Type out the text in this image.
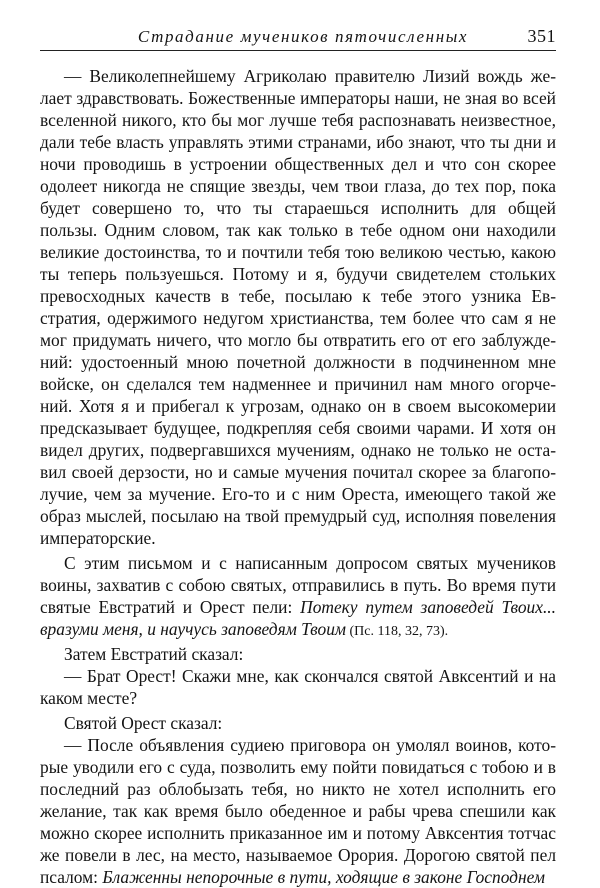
Страдание мучеников пяточисленных	351

— Великолепнейшему Агриколаю правителю Лизий вождь желает здравствовать. Божественные императоры наши, не зная во всей вселенной никого, кто бы мог лучше тебя распознавать неизвестное, дали тебе власть управлять этими странами, ибо знают, что ты дни и ночи проводишь в устроении общественных дел и что сон скорее одолеет никогда не спящие звезды, чем твои глаза, до тех пор, пока будет совершено то, что ты стараешься исполнить для общей пользы. Одним словом, так как только в тебе одном они находили великие достоинства, то и почтили тебя тою великою честью, какою ты теперь пользуешься. Потому и я, будучи свидетелем стольких превосходных качеств в тебе, посылаю к тебе этого узника Евстратия, одержимого недугом христианства, тем более что сам я не мог придумать ничего, что могло бы отвратить его от его заблуждений: удостоенный мною почетной должности в подчиненном мне войске, он сделался тем надменнее и причинил нам много огорчений. Хотя я и прибегал к угрозам, однако он в своем высокомерии предсказывает будущее, подкрепляя себя своими чарами. И хотя он видел других, подвергавшихся мучениям, однако не только не оставил своей дерзости, но и самые мучения почитал скорее за благополучие, чем за мучение. Его-то и с ним Ореста, имеющего такой же образ мыслей, посылаю на твой премудрый суд, исполняя повеления императорские.

С этим письмом и с написанным допросом святых мучеников воины, захватив с собою святых, отправились в путь. Во время пути святые Евстратий и Орест пели: Потеку путем заповедей Твоих... вразуми меня, и научусь заповедям Твоим (Пс. 118, 32, 73).

Затем Евстратий сказал:

— Брат Орест! Скажи мне, как скончался святой Авксентий и на каком месте?

Святой Орест сказал:

— После объявления судиею приговора он умолял воинов, которые уводили его с суда, позволить ему пойти повидаться с тобою и в последний раз облобызать тебя, но никто не хотел исполнить его желание, так как время было обеденное и рабы чрева спешили как можно скорее исполнить приказанное им и потому Авксентия тотчас же повели в лес, на место, называемое Орория. Дорогою святой пел псалом: Блаженны непорочные в пути, ходящие в законе Господнем
